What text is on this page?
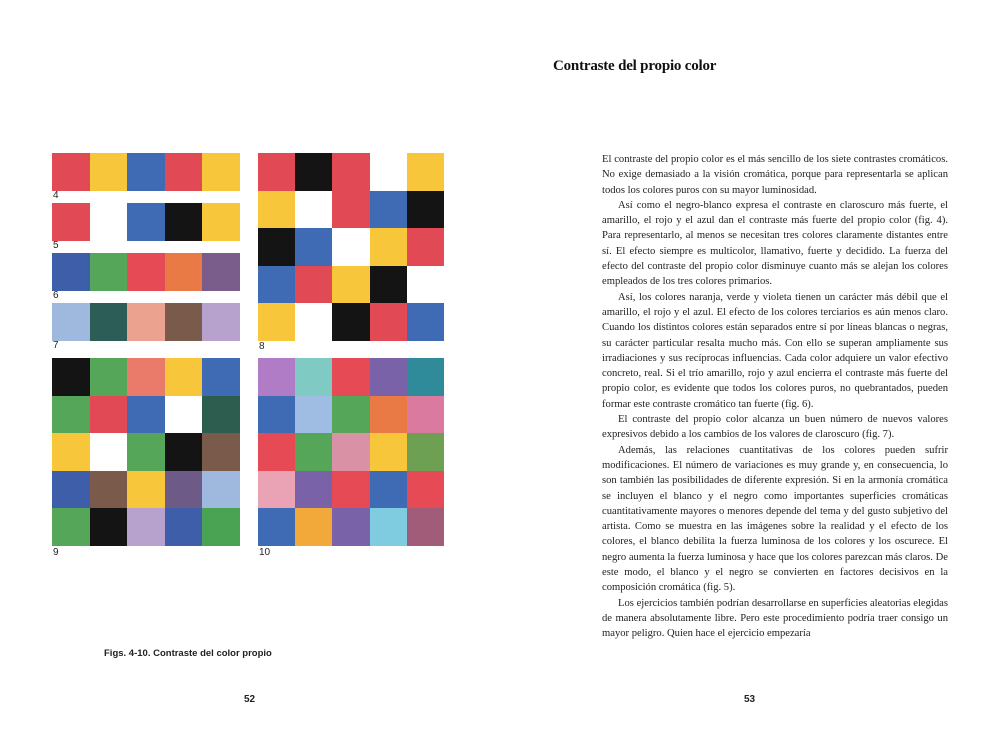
4
5
6
7	8
9	10
Figs. 4-10. Contraste del color propio
52
Contraste del propio color

El contraste del propio color es el más sencillo de los siete contrastes cromáticos. No exige demasiado a la visión cromática, porque para representarla se aplican todos los colores puros con su mayor luminosidad.

Así como el negro-blanco expresa el contraste en claroscuro más fuerte, el amarillo, el rojo y el azul dan el contraste más fuerte del propio color (fig. 4). Para representarlo, al menos se necesitan tres colores claramente distantes entre sí. El efecto siempre es multicolor, llamativo, fuerte y decidido. La fuerza del efecto del contraste del propio color disminuye cuanto más se alejan los colores empleados de los tres colores primarios.

Así, los colores naranja, verde y violeta tienen un carácter más débil que el amarillo, el rojo y el azul. El efecto de los colores terciarios es aún menos claro. Cuando los distintos colores están separados entre sí por líneas blancas o negras, su carácter particular resalta mucho más. Con ello se superan ampliamente sus irradiaciones y sus recíprocas influencias. Cada color adquiere un valor efectivo concreto, real. Si el trío amarillo, rojo y azul encierra el contraste más fuerte del propio color, es evidente que todos los colores puros, no quebrantados, pueden formar este contraste cromático tan fuerte (fig. 6).

El contraste del propio color alcanza un buen número de nuevos valores expresivos debido a los cambios de los valores de claroscuro (fig. 7).

Además, las relaciones cuantitativas de los colores pueden sufrir modificaciones. El número de variaciones es muy grande y, en consecuencia, lo son también las posibilidades de diferente expresión. Si en la armonía cromática se incluyen el blanco y el negro como importantes superficies cromáticas cuantitativamente mayores o menores depende del tema y del gusto subjetivo del artista. Como se muestra en las imágenes sobre la realidad y el efecto de los colores, el blanco debilita la fuerza luminosa de los colores y los oscurece. El negro aumenta la fuerza luminosa y hace que los colores parezcan más claros. De este modo, el blanco y el negro se convierten en factores decisivos en la composición cromática (fig. 5).

Los ejercicios también podrían desarrollarse en superficies aleatorias elegidas de manera absolutamente libre. Pero este procedimiento podría traer consigo un mayor peligro. Quien hace el ejercicio empezaría

53
